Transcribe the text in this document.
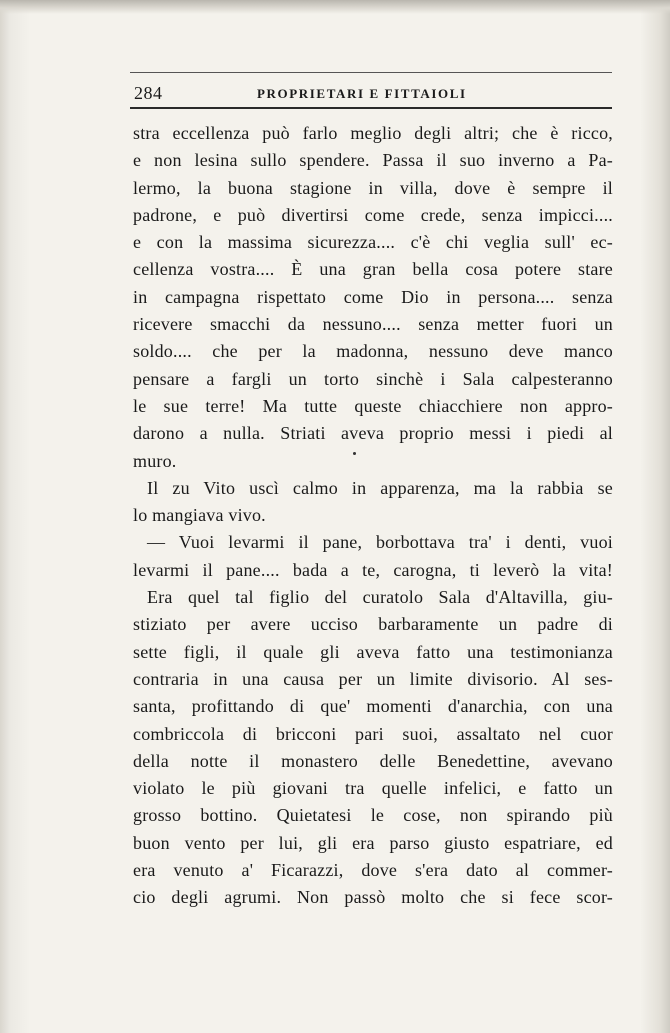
284	PROPRIETARI E FITTAIOLI
stra eccellenza può farlo meglio degli altri; che è ricco,
e non lesina sullo spendere. Passa il suo inverno a Pa-
lermo, la buona stagione in villa, dove è sempre il
padrone, e può divertirsi come crede, senza impicci....
e con la massima sicurezza.... c'è chi veglia sull' ec-
cellenza vostra.... È una gran bella cosa potere stare
in campagna rispettato come Dio in persona.... senza
ricevere smacchi da nessuno.... senza metter fuori un
soldo.... che per la madonna, nessuno deve manco
pensare a fargli un torto sinchè i Sala calpesteranno
le sue terre! Ma tutte queste chiacchiere non appro-
darono a nulla. Striati aveva proprio messi i piedi al
muro.
Il zu Vito uscì calmo in apparenza, ma la rabbia se
lo mangiava vivo.
— Vuoi levarmi il pane, borbottava tra' i denti, vuoi
levarmi il pane.... bada a te, carogna, ti leverò la vita!
Era quel tal figlio del curatolo Sala d'Altavilla, giu-
stiziato per avere ucciso barbaramente un padre di
sette figli, il quale gli aveva fatto una testimonianza
contraria in una causa per un limite divisorio. Al ses-
santa, profittando di que' momenti d'anarchia, con una
combriccola di bricconi pari suoi, assaltato nel cuor
della notte il monastero delle Benedettine, avevano
violato le più giovani tra quelle infelici, e fatto un
grosso bottino. Quietatesi le cose, non spirando più
buon vento per lui, gli era parso giusto espatriare, ed
era venuto a' Ficarazzi, dove s'era dato al commer-
cio degli agrumi. Non passò molto che si fece scor-
